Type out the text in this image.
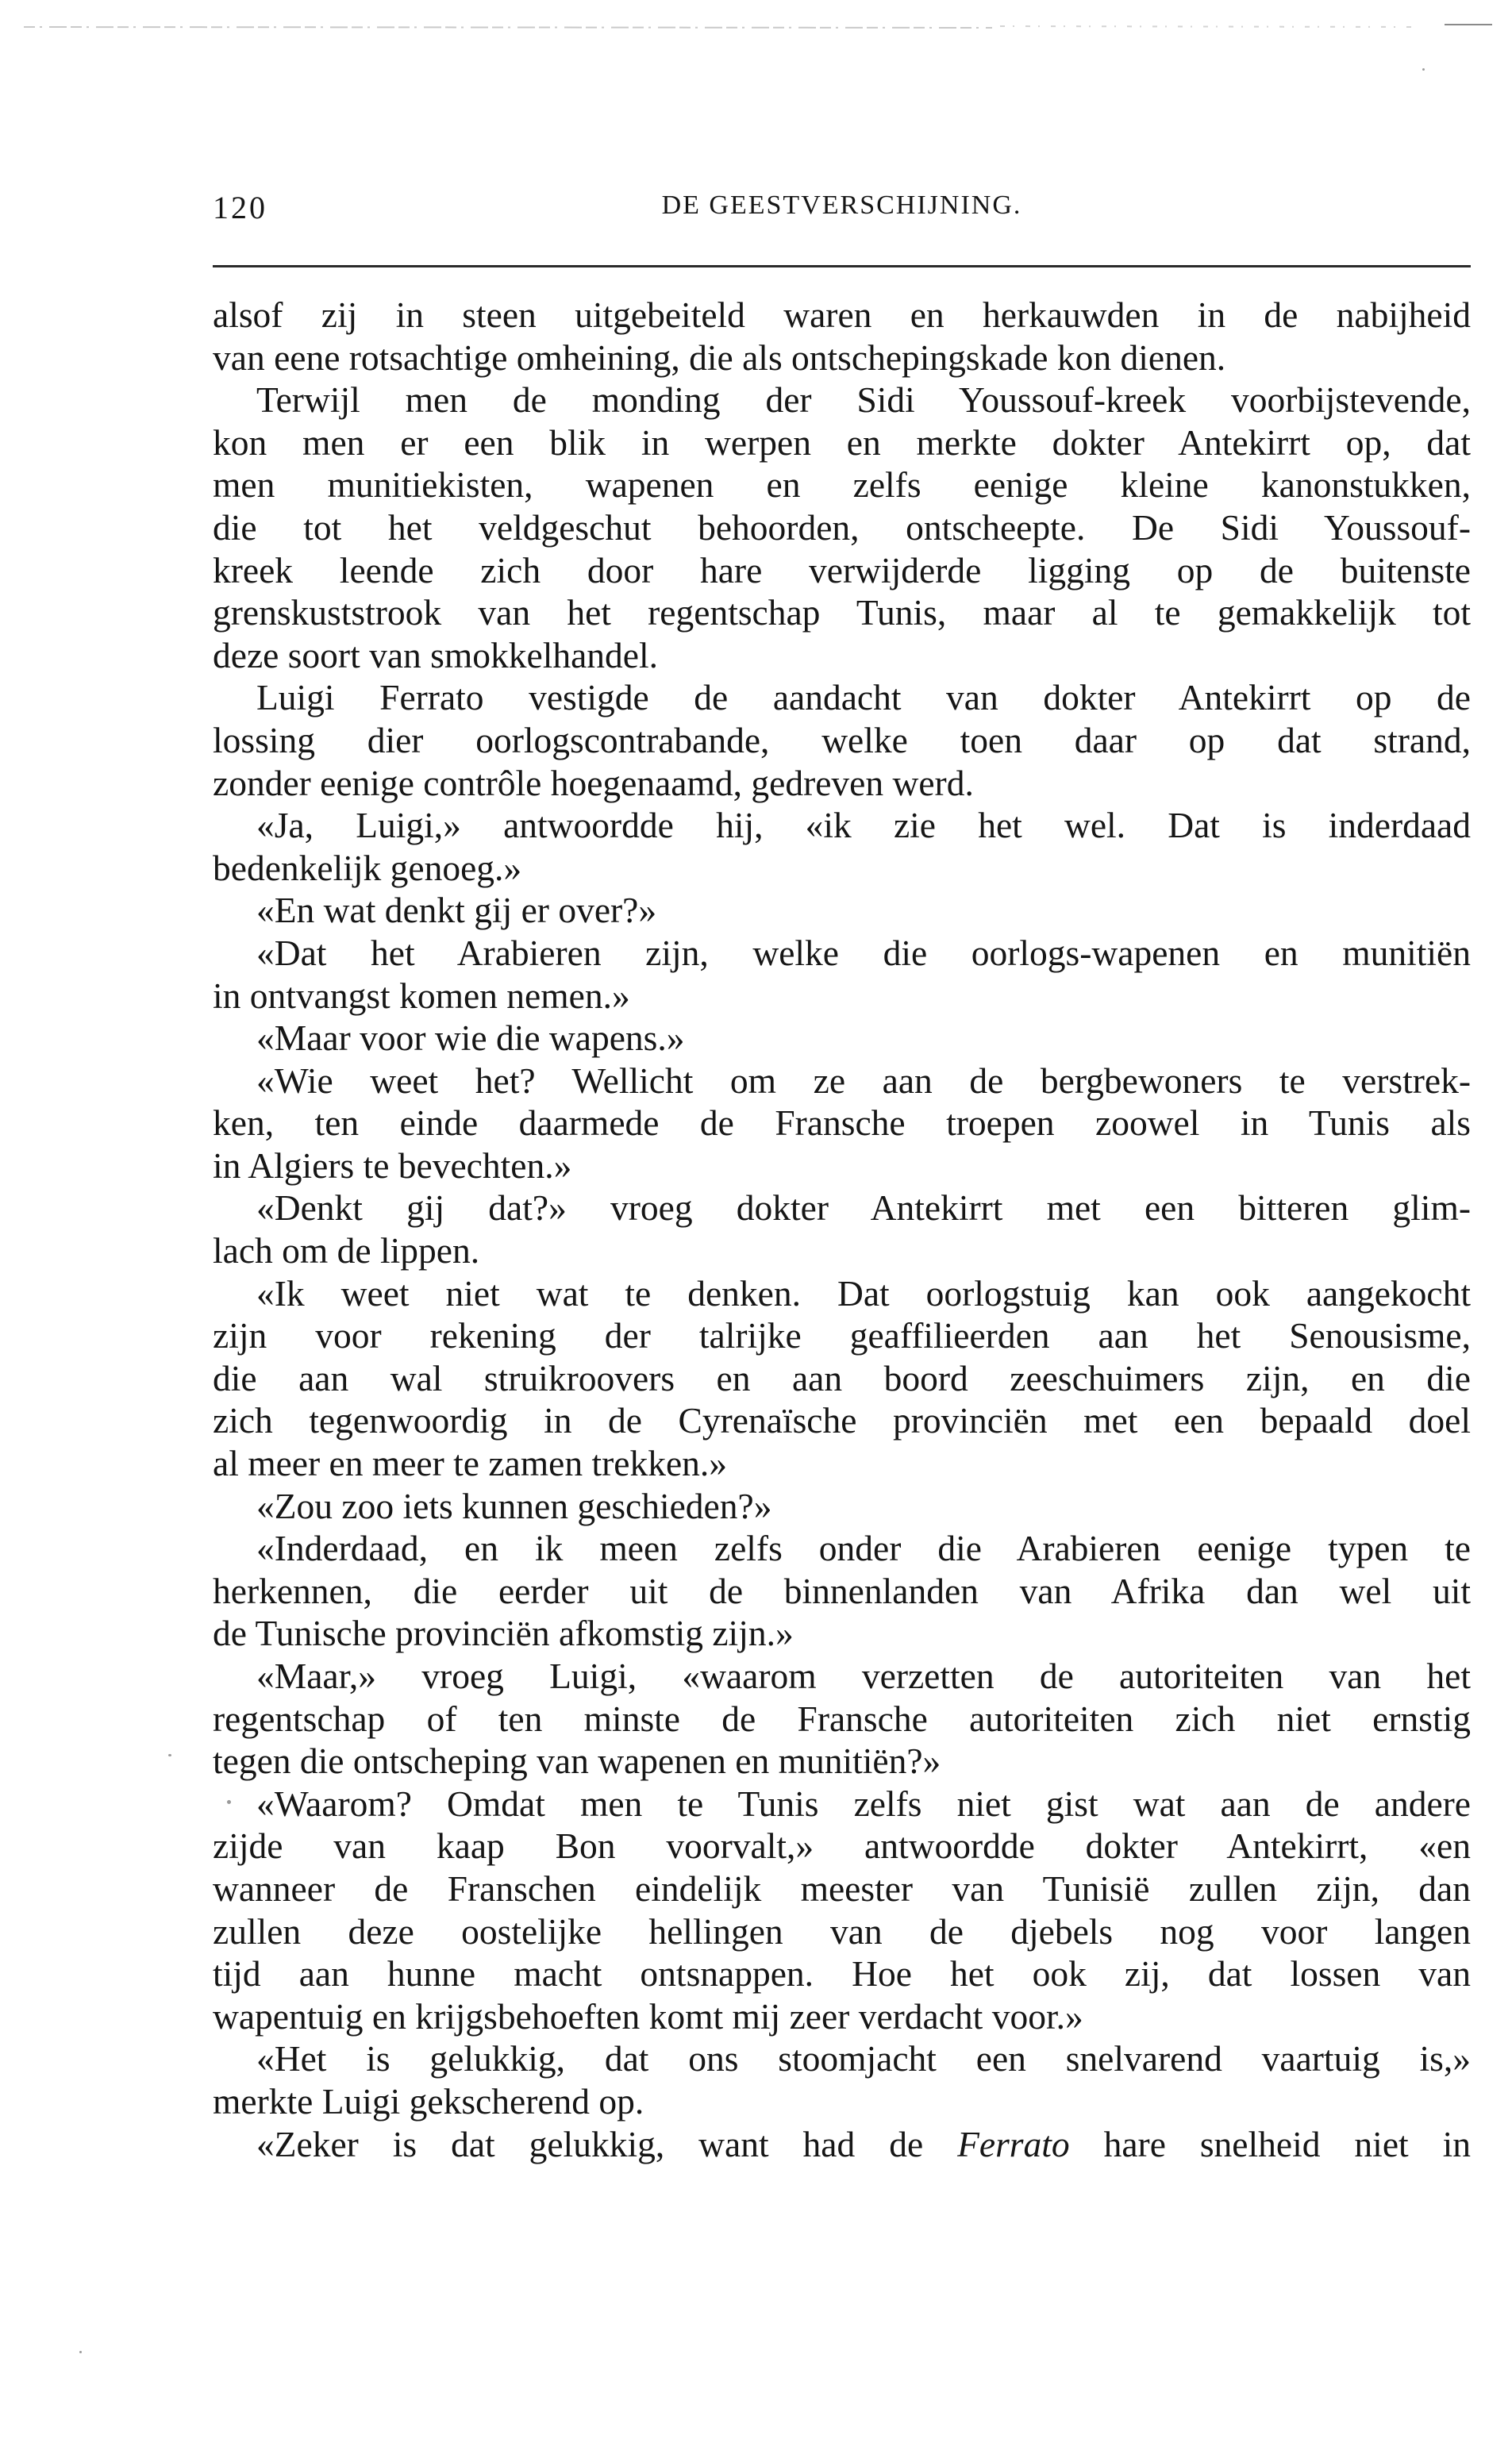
120	DE GEESTVERSCHIJNING.
alsof zij in steen uitgebeiteld waren en herkauwden in de nabijheid
van eene rotsachtige omheining, die als ontschepingskade kon dienen.
Terwijl men de monding der Sidi Youssouf-kreek voorbijstevende,
kon men er een blik in werpen en merkte dokter Antekirrt op, dat
men munitiekisten, wapenen en zelfs eenige kleine kanonstukken,
die tot het veldgeschut behoorden, ontscheepte. De Sidi Youssouf-
kreek leende zich door hare verwijderde ligging op de buitenste
grenskuststrook van het regentschap Tunis, maar al te gemakkelijk tot
deze soort van smokkelhandel.
Luigi Ferrato vestigde de aandacht van dokter Antekirrt op de
lossing dier oorlogscontrabande, welke toen daar op dat strand,
zonder eenige contrôle hoegenaamd, gedreven werd.
«Ja, Luigi,» antwoordde hij, «ik zie het wel. Dat is inderdaad
bedenkelijk genoeg.»
«En wat denkt gij er over?»
«Dat het Arabieren zijn, welke die oorlogs-wapenen en munitiën
in ontvangst komen nemen.»
«Maar voor wie die wapens.»
«Wie weet het? Wellicht om ze aan de bergbewoners te verstrek-
ken, ten einde daarmede de Fransche troepen zoowel in Tunis als
in Algiers te bevechten.»
«Denkt gij dat?» vroeg dokter Antekirrt met een bitteren glim-
lach om de lippen.
«Ik weet niet wat te denken. Dat oorlogstuig kan ook aangekocht
zijn voor rekening der talrijke geaffilieerden aan het Senousisme,
die aan wal struikroovers en aan boord zeeschuimers zijn, en die
zich tegenwoordig in de Cyrenaïsche provinciën met een bepaald doel
al meer en meer te zamen trekken.»
«Zou zoo iets kunnen geschieden?»
«Inderdaad, en ik meen zelfs onder die Arabieren eenige typen te
herkennen, die eerder uit de binnenlanden van Afrika dan wel uit
de Tunische provinciën afkomstig zijn.»
«Maar,» vroeg Luigi, «waarom verzetten de autoriteiten van het
regentschap of ten minste de Fransche autoriteiten zich niet ernstig
tegen die ontscheping van wapenen en munitiën?»
«Waarom? Omdat men te Tunis zelfs niet gist wat aan de andere
zijde van kaap Bon voorvalt,» antwoordde dokter Antekirrt, «en
wanneer de Franschen eindelijk meester van Tunisië zullen zijn, dan
zullen deze oostelijke hellingen van de djebels nog voor langen
tijd aan hunne macht ontsnappen. Hoe het ook zij, dat lossen van
wapentuig en krijgsbehoeften komt mij zeer verdacht voor.»
«Het is gelukkig, dat ons stoomjacht een snelvarend vaartuig is,»
merkte Luigi gekscherend op.
«Zeker is dat gelukkig, want had de Ferrato hare snelheid niet in
